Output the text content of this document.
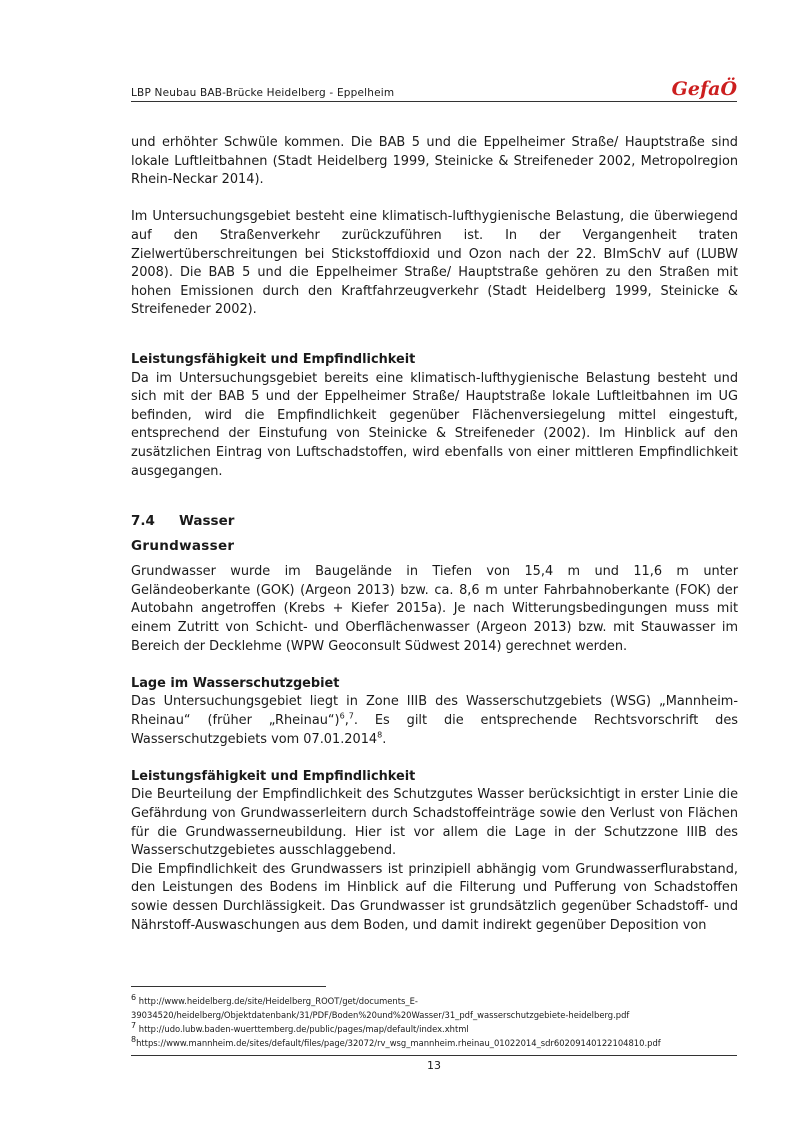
LBP Neubau BAB-Brücke Heidelberg - Eppelheim	GefaÖ

und erhöhter Schwüle kommen. Die BAB 5 und die Eppelheimer Straße/ Hauptstraße sind lokale Luftleitbahnen (Stadt Heidelberg 1999, Steinicke & Streifeneder 2002, Metropolregion Rhein-Neckar 2014).

Im Untersuchungsgebiet besteht eine klimatisch-lufthygienische Belastung, die überwiegend auf den Straßenverkehr zurückzuführen ist. In der Vergangenheit traten Zielwertüberschreitungen bei Stickstoffdioxid und Ozon nach der 22. BImSchV auf (LUBW 2008). Die BAB 5 und die Eppelheimer Straße/ Hauptstraße gehören zu den Straßen mit hohen Emissionen durch den Kraftfahrzeugverkehr (Stadt Heidelberg 1999, Steinicke & Streifeneder 2002).

Leistungsfähigkeit und Empfindlichkeit

Da im Untersuchungsgebiet bereits eine klimatisch-lufthygienische Belastung besteht und sich mit der BAB 5 und der Eppelheimer Straße/ Hauptstraße lokale Luftleitbahnen im UG befinden, wird die Empfindlichkeit gegenüber Flächenversiegelung mittel eingestuft, entsprechend der Einstufung von Steinicke & Streifeneder (2002). Im Hinblick auf den zusätzlichen Eintrag von Luftschadstoffen, wird ebenfalls von einer mittleren Empfindlichkeit ausgegangen.

7.4 Wasser
Grundwasser

Grundwasser wurde im Baugelände in Tiefen von 15,4 m und 11,6 m unter Geländeoberkante (GOK) (Argeon 2013) bzw. ca. 8,6 m unter Fahrbahnoberkante (FOK) der Autobahn angetroffen (Krebs + Kiefer 2015a). Je nach Witterungsbedingungen muss mit einem Zutritt von Schicht- und Oberflächenwasser (Argeon 2013) bzw. mit Stauwasser im Bereich der Decklehme (WPW Geoconsult Südwest 2014) gerechnet werden.

Lage im Wasserschutzgebiet

Das Untersuchungsgebiet liegt in Zone IIIB des Wasserschutzgebiets (WSG) „Mannheim-Rheinau“ (früher „Rheinau“)$^6$,$^7$. Es gilt die entsprechende Rechtsvorschrift des Wasserschutzgebiets vom 07.01.2014$^8$.

Leistungsfähigkeit und Empfindlichkeit

Die Beurteilung der Empfindlichkeit des Schutzgutes Wasser berücksichtigt in erster Linie die Gefährdung von Grundwasserleitern durch Schadstoffeinträge sowie den Verlust von Flächen für die Grundwasserneubildung. Hier ist vor allem die Lage in der Schutzzone IIIB des Wasserschutzgebietes ausschlaggebend.

Die Empfindlichkeit des Grundwassers ist prinzipiell abhängig vom Grundwasserflurabstand, den Leistungen des Bodens im Hinblick auf die Filterung und Pufferung von Schadstoffen sowie dessen Durchlässigkeit. Das Grundwasser ist grundsätzlich gegenüber Schadstoff- und Nährstoff-Auswaschungen aus dem Boden, und damit indirekt gegenüber Deposition von

$^6$ http://www.heidelberg.de/site/Heidelberg_ROOT/get/documents_E-
39034520/heidelberg/Objektdatenbank/31/PDF/Boden%20und%20Wasser/31_pdf_wasserschutzgebiete-heidelberg.pdf
$^7$ http://udo.lubw.baden-wuerttemberg.de/public/pages/map/default/index.xhtml
$^8$https://www.mannheim.de/sites/default/files/page/32072/rv_wsg_mannheim.rheinau_01022014_sdr60209140122104810.pdf
13
